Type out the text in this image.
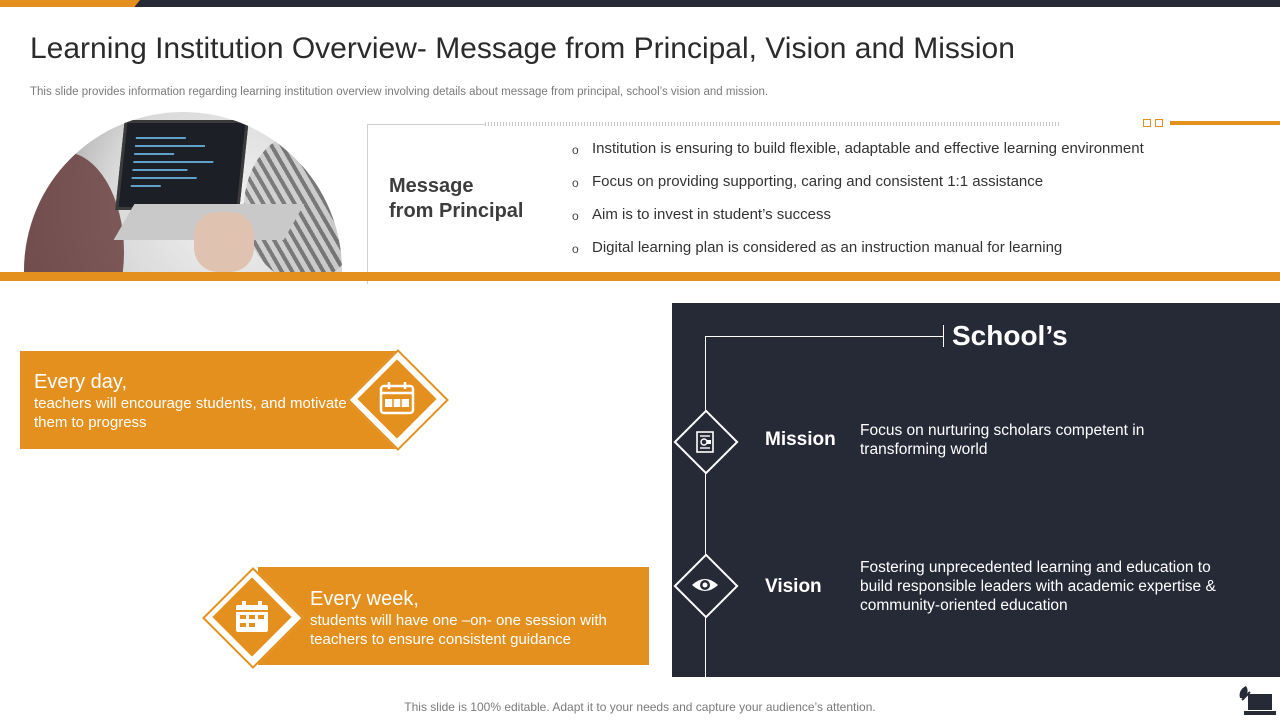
Learning Institution Overview- Message from Principal, Vision and Mission
This slide provides information regarding learning institution overview involving details about message from principal, school’s vision and mission.
Message
from Principal
o Institution is ensuring to build flexible, adaptable and effective learning environment
o Focus on providing supporting, caring and consistent 1:1 assistance
o Aim is to invest in student’s success
o Digital learning plan is considered as an instruction manual for learning
Every day,
teachers will encourage students, and motivate them to progress
Every week,
students will have one –on- one session with teachers to ensure consistent guidance
School’s
Mission Focus on nurturing scholars competent in transforming world
Vision
Fostering unprecedented learning and education to build responsible leaders with academic expertise & community-oriented education
This slide is 100% editable. Adapt it to your needs and capture your audience’s attention.
